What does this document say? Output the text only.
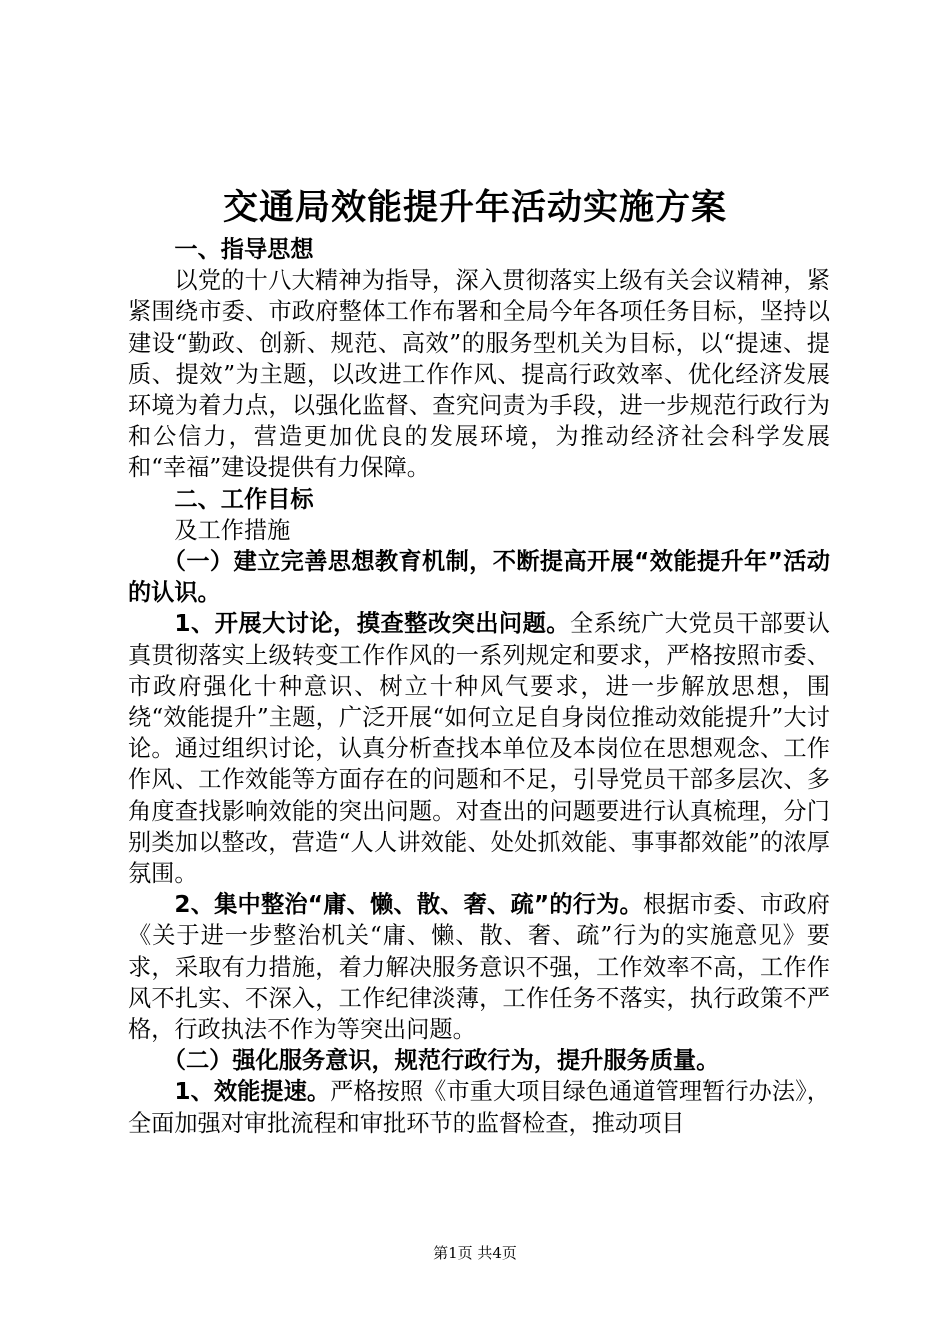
交通局效能提升年活动实施方案

一、指导思想

以党的十八大精神为指导，深入贯彻落实上级有关会议精神，紧紧围绕市委、市政府整体工作布署和全局今年各项任务目标，坚持以建设“勤政、创新、规范、高效”的服务型机关为目标，以“提速、提质、提效”为主题，以改进工作作风、提高行政效率、优化经济发展环境为着力点，以强化监督、查究问责为手段，进一步规范行政行为和公信力，营造更加优良的发展环境，为推动经济社会科学发展和“幸福”建设提供有力保障。

二、工作目标

及工作措施

（一）建立完善思想教育机制，不断提高开展“效能提升年”活动的认识。

1、开展大讨论，摸查整改突出问题。全系统广大党员干部要认真贯彻落实上级转变工作作风的一系列规定和要求，严格按照市委、市政府强化十种意识、树立十种风气要求，进一步解放思想，围绕“效能提升”主题，广泛开展“如何立足自身岗位推动效能提升”大讨论。通过组织讨论，认真分析查找本单位及本岗位在思想观念、工作作风、工作效能等方面存在的问题和不足，引导党员干部多层次、多角度查找影响效能的突出问题。对查出的问题要进行认真梳理，分门别类加以整改，营造“人人讲效能、处处抓效能、事事都效能”的浓厚氛围。

2、集中整治“庸、懒、散、奢、疏”的行为。根据市委、市政府《关于进一步整治机关“庸、懒、散、奢、疏”行为的实施意见》要求，采取有力措施，着力解决服务意识不强，工作效率不高，工作作风不扎实、不深入，工作纪律淡薄，工作任务不落实，执行政策不严格，行政执法不作为等突出问题。

（二）强化服务意识，规范行政行为，提升服务质量。

1、效能提速。严格按照《市重大项目绿色通道管理暂行办法》，全面加强对审批流程和审批环节的监督检查，推动项目

第1页 共4页
